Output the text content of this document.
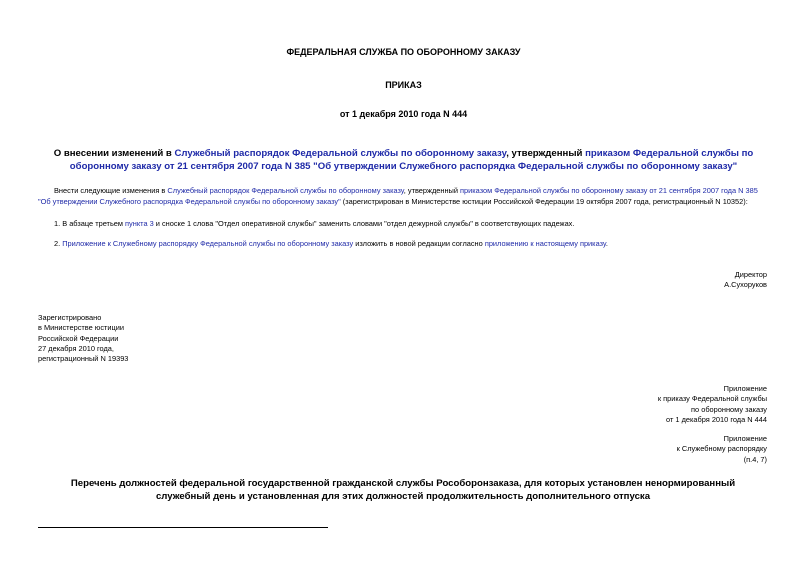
ФЕДЕРАЛЬНАЯ СЛУЖБА ПО ОБОРОННОМУ ЗАКАЗУ
ПРИКАЗ
от 1 декабря 2010 года N 444
О внесении изменений в Служебный распорядок Федеральной службы по оборонному заказу, утвержденный приказом Федеральной службы по оборонному заказу от 21 сентября 2007 года N 385 "Об утверждении Служебного распорядка Федеральной службы по оборонному заказу"
Внести следующие изменения в Служебный распорядок Федеральной службы по оборонному заказу, утвержденный приказом Федеральной службы по оборонному заказу от 21 сентября 2007 года N 385 "Об утверждении Служебного распорядка Федеральной службы по оборонному заказу" (зарегистрирован в Министерстве юстиции Российской Федерации 19 октября 2007 года, регистрационный N 10352):
1. В абзаце третьем пункта 3 и сноске 1 слова "Отдел оперативной службы" заменить словами "отдел дежурной службы" в соответствующих падежах.
2. Приложение к Служебному распорядку Федеральной службы по оборонному заказу изложить в новой редакции согласно приложению к настоящему приказу.
Директор
А.Сухоруков
Зарегистрировано
в Министерстве юстиции
Российской Федерации
27 декабря 2010 года,
регистрационный N 19393
Приложение
к приказу Федеральной службы
по оборонному заказу
от 1 декабря 2010 года N 444
Приложение
к Служебному распорядку
(п.4, 7)
Перечень должностей федеральной государственной гражданской службы Рособоронзаказа, для которых установлен ненормированный служебный день и установленная для этих должностей продолжительность дополнительного отпуска
